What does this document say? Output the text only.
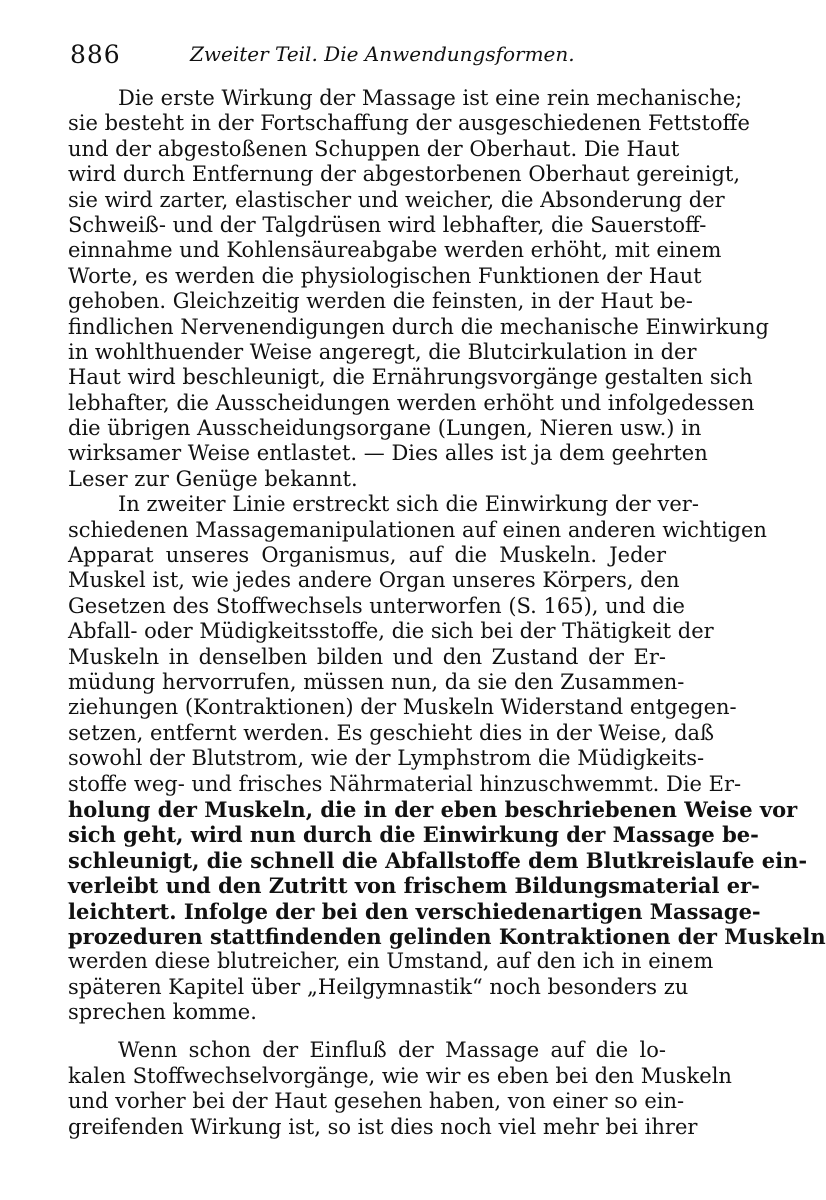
886	Zweiter Teil. Die Anwendungsformen.
Die erste Wirkung der Massage ist eine rein mechanische;
sie besteht in der Fortschaffung der ausgeschiedenen Fettstoffe
und der abgestoßenen Schuppen der Oberhaut. Die Haut
wird durch Entfernung der abgestorbenen Oberhaut gereinigt,
sie wird zarter, elastischer und weicher, die Absonderung der
Schweiß- und der Talgdrüsen wird lebhafter, die Sauerstoff-
einnahme und Kohlensäureabgabe werden erhöht, mit einem
Worte, es werden die physiologischen Funktionen der Haut
gehoben. Gleichzeitig werden die feinsten, in der Haut be-
findlichen Nervenendigungen durch die mechanische Einwirkung
in wohlthuender Weise angeregt, die Blutcirkulation in der
Haut wird beschleunigt, die Ernährungsvorgänge gestalten sich
lebhafter, die Ausscheidungen werden erhöht und infolgedessen
die übrigen Ausscheidungsorgane (Lungen, Nieren usw.) in
wirksamer Weise entlastet. — Dies alles ist ja dem geehrten
Leser zur Genüge bekannt.
In zweiter Linie erstreckt sich die Einwirkung der ver-
schiedenen Massagemanipulationen auf einen anderen wichtigen
Apparat unseres Organismus, auf die Muskeln. Jeder
Muskel ist, wie jedes andere Organ unseres Körpers, den
Gesetzen des Stoffwechsels unterworfen (S. 165), und die
Abfall- oder Müdigkeitsstoffe, die sich bei der Thätigkeit der
Muskeln in denselben bilden und den Zustand der Er-
müdung hervorrufen, müssen nun, da sie den Zusammen-
ziehungen (Kontraktionen) der Muskeln Widerstand entgegen-
setzen, entfernt werden. Es geschieht dies in der Weise, daß
sowohl der Blutstrom, wie der Lymphstrom die Müdigkeits-
stoffe weg- und frisches Nährmaterial hinzuschwemmt. Die Er-
holung der Muskeln, die in der eben beschriebenen Weise vor
sich geht, wird nun durch die Einwirkung der Massage be-
schleunigt, die schnell die Abfallstoffe dem Blutkreislaufe ein-
verleibt und den Zutritt von frischem Bildungsmaterial er-
leichtert. Infolge der bei den verschiedenartigen Massage-
prozeduren stattfindenden gelinden Kontraktionen der Muskeln
werden diese blutreicher, ein Umstand, auf den ich in einem
späteren Kapitel über „Heilgymnastik“ noch besonders zu
sprechen komme.
Wenn schon der Einfluß der Massage auf die lo-
kalen Stoffwechselvorgänge, wie wir es eben bei den Muskeln
und vorher bei der Haut gesehen haben, von einer so ein-
greifenden Wirkung ist, so ist dies noch viel mehr bei ihrer
